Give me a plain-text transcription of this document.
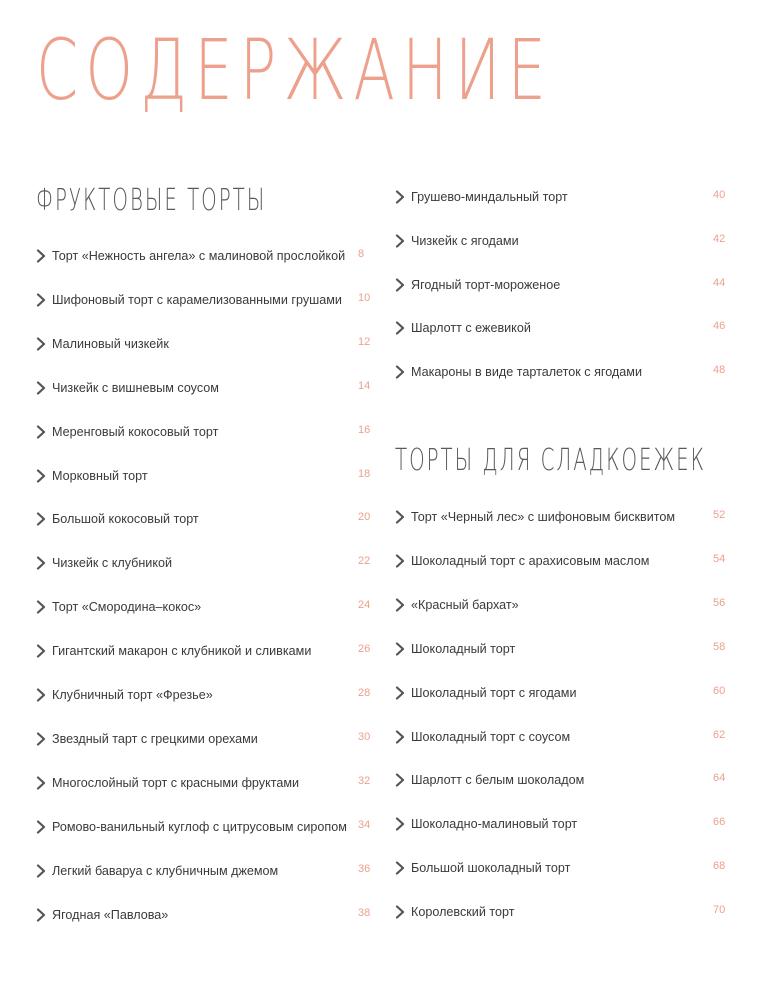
СОДЕРЖАНИЕ
ФРУКТОВЫЕ ТОРТЫ
ТОРТЫ ДЛЯ СЛАДКОЕЖЕК
Торт «Нежность ангела» с малиновой прослойкой 8
Шифоновый торт с карамелизованными грушами 10
Малиновый чизкейк	12
Чизкейк с вишневым соусом	14
Меренговый кокосовый торт	16
Морковный торт	18
Большой кокосовый торт	20
Чизкейк с клубникой	22
Торт «Смородина–кокос»	24
Гигантский макарон с клубникой и сливками	26
Клубничный торт «Фрезье»	28
Звездный тарт с грецкими орехами	30
Многослойный торт с красными фруктами	32
Ромово-ванильный куглоф с цитрусовым сиропом 34
Легкий баваруа с клубничным джемом	36
Ягодная «Павлова»	38
Грушево-миндальный торт	40
Чизкейк с ягодами	42
Ягодный торт-мороженое	44
Шарлотт с ежевикой	46
Макароны в виде тарталеток с ягодами	48
Торт «Черный лес» с шифоновым бисквитом	52
Шоколадный торт с арахисовым маслом	54
«Красный бархат»	56
Шоколадный торт	58
Шоколадный торт с ягодами	60
Шоколадный торт с соусом	62
Шарлотт с белым шоколадом	64
Шоколадно-малиновый торт	66
Большой шоколадный торт	68
Королевский торт	70
